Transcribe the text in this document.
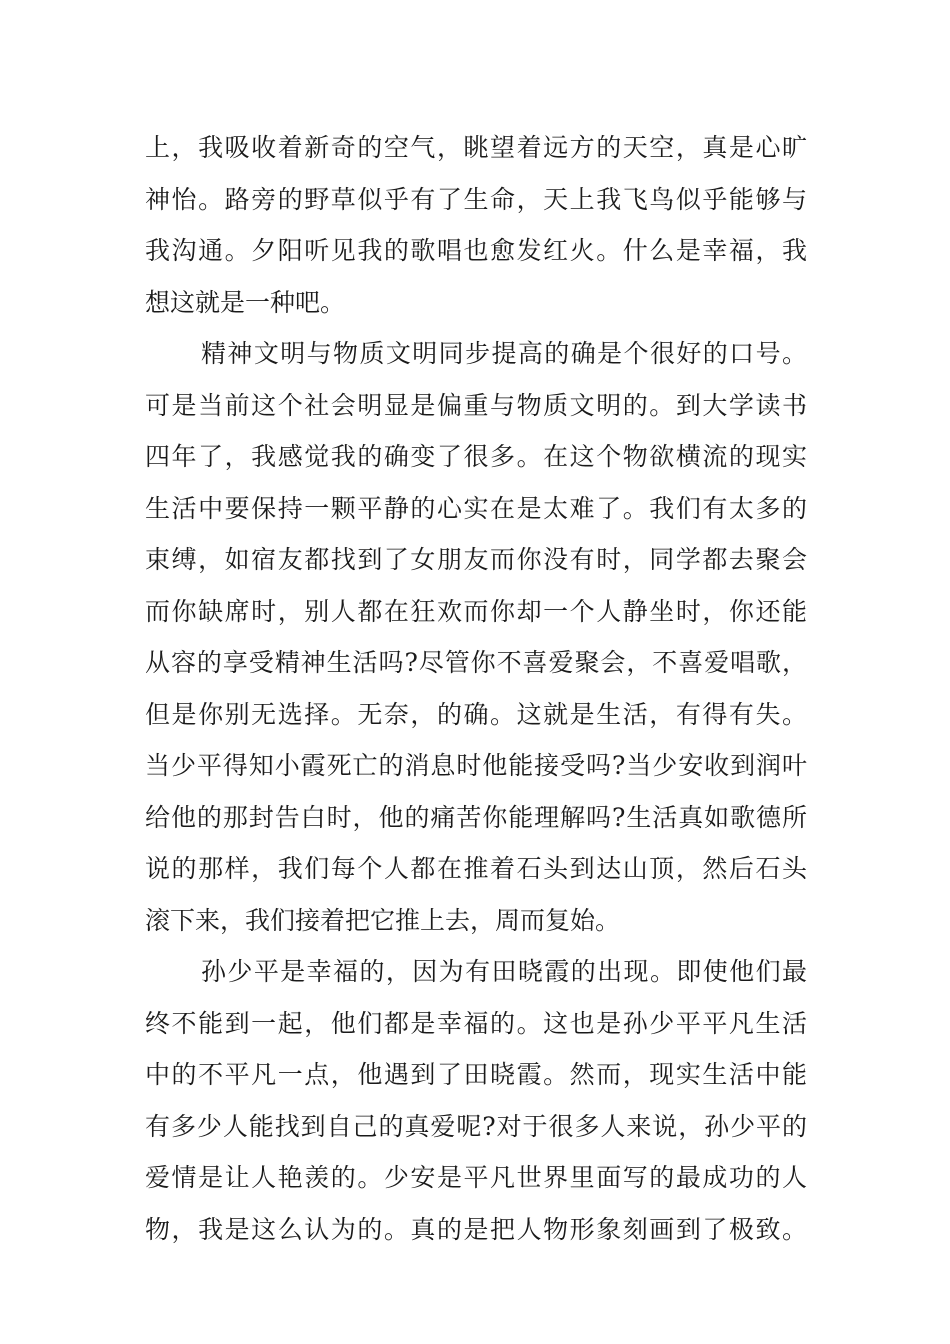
上，我吸收着新奇的空气，眺望着远方的天空，真是心旷
神怡。路旁的野草似乎有了生命，天上我飞鸟似乎能够与
我沟通。夕阳听见我的歌唱也愈发红火。什么是幸福，我
想这就是一种吧。
精神文明与物质文明同步提高的确是个很好的口号。
可是当前这个社会明显是偏重与物质文明的。到大学读书
四年了，我感觉我的确变了很多。在这个物欲横流的现实
生活中要保持一颗平静的心实在是太难了。我们有太多的
束缚，如宿友都找到了女朋友而你没有时，同学都去聚会
而你缺席时，别人都在狂欢而你却一个人静坐时，你还能
从容的享受精神生活吗?尽管你不喜爱聚会，不喜爱唱歌，
但是你别无选择。无奈，的确。这就是生活，有得有失。
当少平得知小霞死亡的消息时他能接受吗?当少安收到润叶
给他的那封告白时，他的痛苦你能理解吗?生活真如歌德所
说的那样，我们每个人都在推着石头到达山顶，然后石头
滚下来，我们接着把它推上去，周而复始。
孙少平是幸福的，因为有田晓霞的出现。即使他们最
终不能到一起，他们都是幸福的。这也是孙少平平凡生活
中的不平凡一点，他遇到了田晓霞。然而，现实生活中能
有多少人能找到自己的真爱呢?对于很多人来说，孙少平的
爱情是让人艳羡的。少安是平凡世界里面写的最成功的人
物，我是这么认为的。真的是把人物形象刻画到了极致。
